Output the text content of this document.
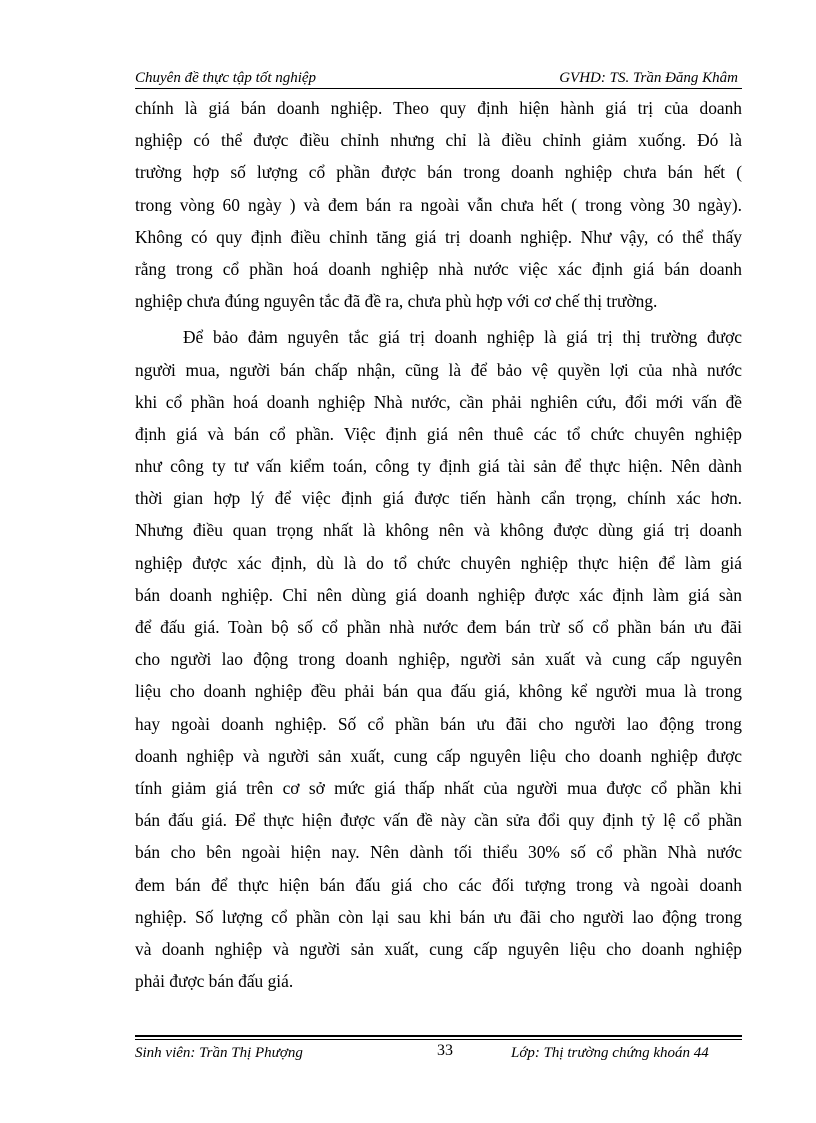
Chuyên đề thực tập tốt nghiệp	GVHD: TS. Trần Đăng Khâm
chính là giá bán doanh nghiệp. Theo quy định hiện hành giá trị của doanh
nghiệp có thể được điều chỉnh nhưng chỉ là điều chỉnh giảm xuống. Đó là
trường hợp số lượng cổ phần được bán trong doanh nghiệp chưa bán hết (
trong vòng 60 ngày ) và đem bán ra ngoài vẫn chưa hết ( trong vòng 30 ngày).
Không có quy định điều chỉnh tăng giá trị doanh nghiệp. Như vậy, có thể thấy
rằng trong cổ phần hoá doanh nghiệp nhà nước việc xác định giá bán doanh
nghiệp chưa đúng nguyên tắc đã đề ra, chưa phù hợp với cơ chế thị trường.
Để bảo đảm nguyên tắc giá trị doanh nghiệp là giá trị thị trường được
người mua, người bán chấp nhận, cũng là để bảo vệ quyền lợi của nhà nước
khi cổ phần hoá doanh nghiệp Nhà nước, cần phải nghiên cứu, đổi mới vấn đề
định giá và bán cổ phần. Việc định giá nên thuê các tổ chức chuyên nghiệp
như công ty tư vấn kiểm toán, công ty định giá tài sản để thực hiện. Nên dành
thời gian hợp lý để việc định giá được tiến hành cẩn trọng, chính xác hơn.
Nhưng điều quan trọng nhất là không nên và không được dùng giá trị doanh
nghiệp được xác định, dù là do tổ chức chuyên nghiệp thực hiện để làm giá
bán doanh nghiệp. Chỉ nên dùng giá doanh nghiệp được xác định làm giá sàn
để đấu giá. Toàn bộ số cổ phần nhà nước đem bán trừ số cổ phần bán ưu đãi
cho người lao động trong doanh nghiệp, người sản xuất và cung cấp nguyên
liệu cho doanh nghiệp đều phải bán qua đấu giá, không kể người mua là trong
hay ngoài doanh nghiệp. Số cổ phần bán ưu đãi cho người lao động trong
doanh nghiệp và người sản xuất, cung cấp nguyên liệu cho doanh nghiệp được
tính giảm giá trên cơ sở mức giá thấp nhất của người mua được cổ phần khi
bán đấu giá. Để thực hiện được vấn đề này cần sửa đổi quy định tỷ lệ cổ phần
bán cho bên ngoài hiện nay. Nên dành tối thiểu 30% số cổ phần Nhà nước
đem bán để thực hiện bán đấu giá cho các đối tượng trong và ngoài doanh
nghiệp. Số lượng cổ phần còn lại sau khi bán ưu đãi cho người lao động trong
và doanh nghiệp và người sản xuất, cung cấp nguyên liệu cho doanh nghiệp
phải được bán đấu giá.
Sinh viên: Trần Thị Phượng	33	Lớp: Thị trường chứng khoán 44
